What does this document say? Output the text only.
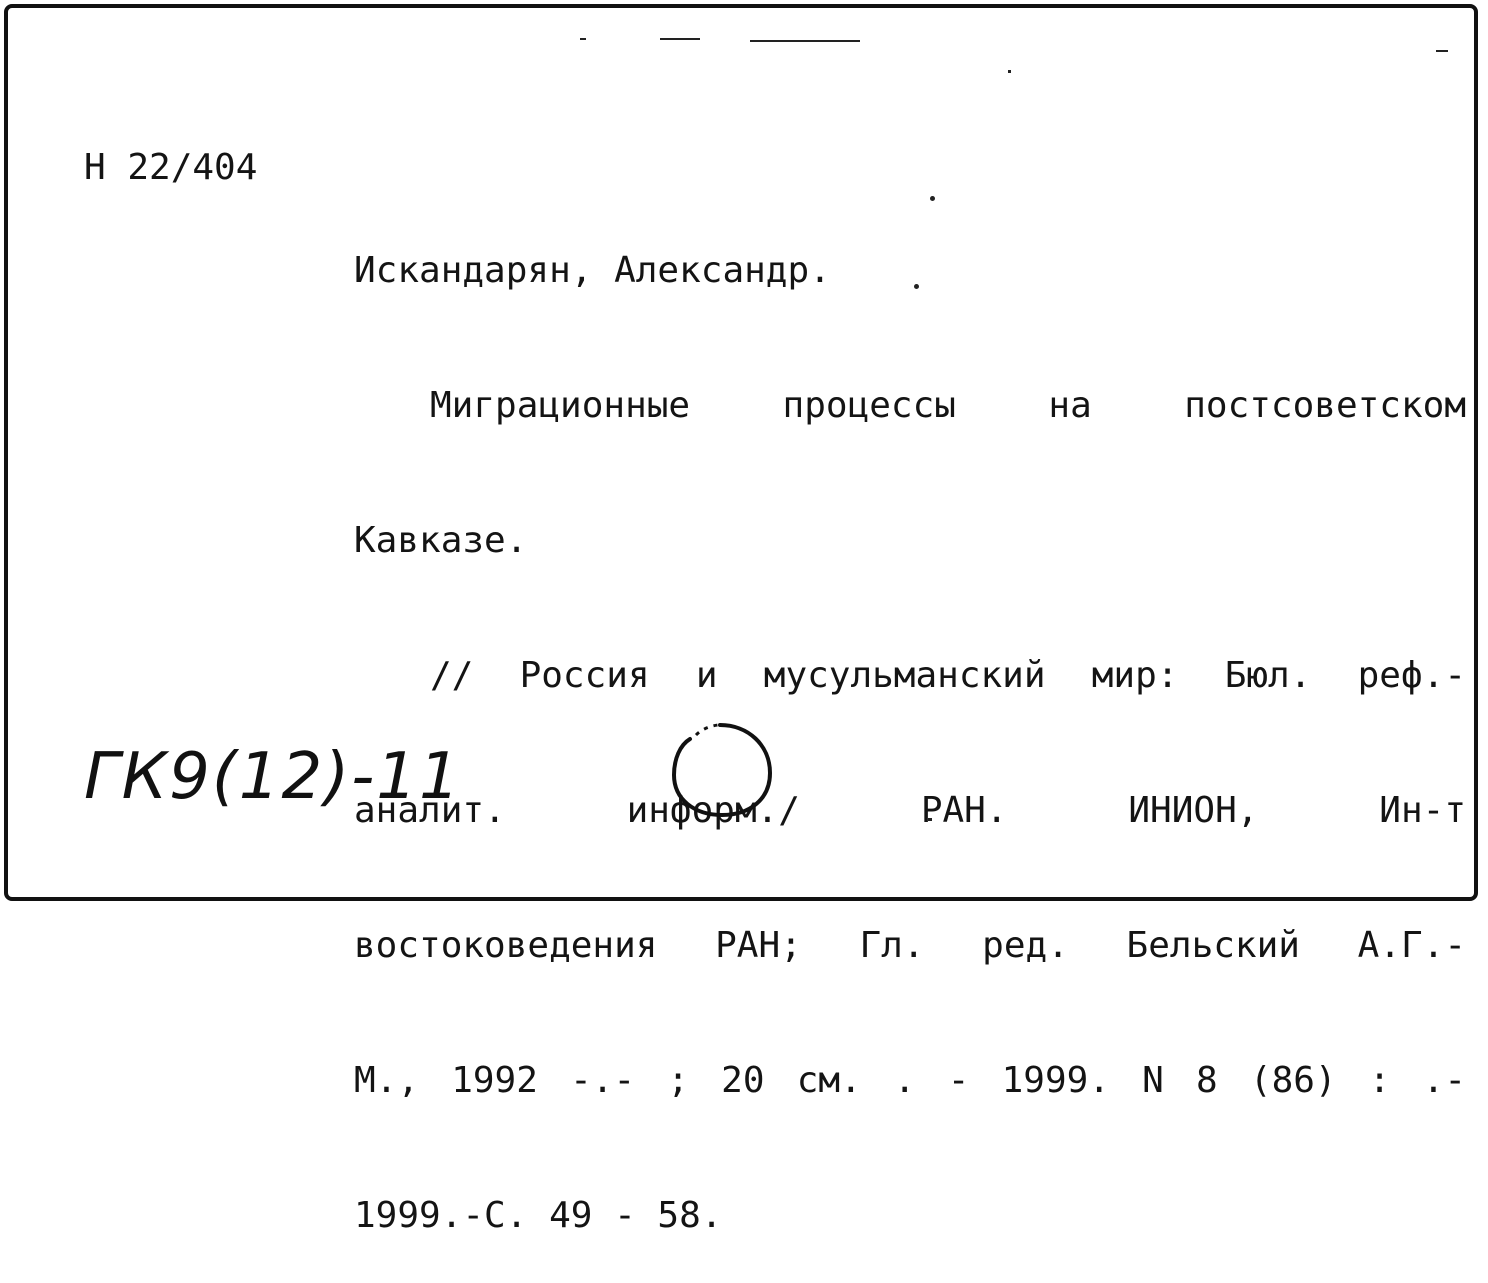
Н 22/404

Искандарян, Александр.

Миграционные процессы на постсоветском

Кавказе.

// Россия и мусульманский мир: Бюл. реф.-

аналит. информ./ РАН. ИНИОН, Ин-т

востоковедения РАН; Гл. ред. Бельский А.Г.-

М., 1992 -.- ; 20 см. . - 1999. N 8 (86) : .-

1999.-С. 49 - 58.

ГК9(12)-11
